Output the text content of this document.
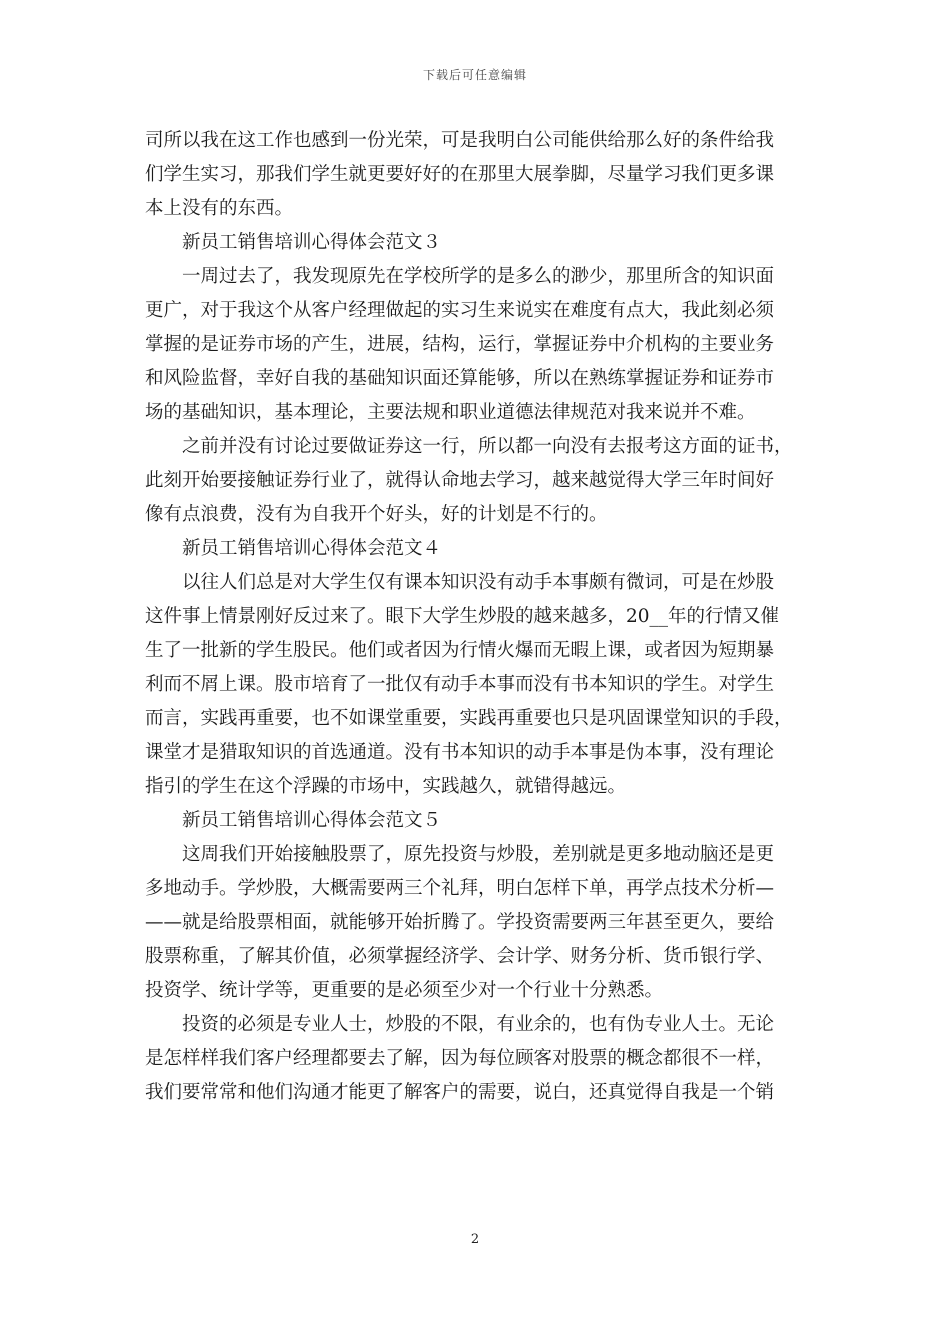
下载后可任意编辑
司所以我在这工作也感到一份光荣，可是我明白公司能供给那么好的条件给我
们学生实习，那我们学生就更要好好的在那里大展拳脚，尽量学习我们更多课
本上没有的东西。
新员工销售培训心得体会范文３
一周过去了，我发现原先在学校所学的是多么的渺少，那里所含的知识面
更广，对于我这个从客户经理做起的实习生来说实在难度有点大，我此刻必须
掌握的是证券市场的产生，进展，结构，运行，掌握证券中介机构的主要业务
和风险监督，幸好自我的基础知识面还算能够，所以在熟练掌握证券和证券市
场的基础知识，基本理论，主要法规和职业道德法律规范对我来说并不难。
之前并没有讨论过要做证券这一行，所以都一向没有去报考这方面的证书，
此刻开始要接触证券行业了，就得认命地去学习，越来越觉得大学三年时间好
像有点浪费，没有为自我开个好头，好的计划是不行的。
新员工销售培训心得体会范文４
以往人们总是对大学生仅有课本知识没有动手本事颇有微词，可是在炒股
这件事上情景刚好反过来了。眼下大学生炒股的越来越多，20__年的行情又催
生了一批新的学生股民。他们或者因为行情火爆而无暇上课，或者因为短期暴
利而不屑上课。股市培育了一批仅有动手本事而没有书本知识的学生。对学生
而言，实践再重要，也不如课堂重要，实践再重要也只是巩固课堂知识的手段，
课堂才是猎取知识的首选通道。没有书本知识的动手本事是伪本事，没有理论
指引的学生在这个浮躁的市场中，实践越久，就错得越远。
新员工销售培训心得体会范文５
这周我们开始接触股票了，原先投资与炒股，差别就是更多地动脑还是更
多地动手。学炒股，大概需要两三个礼拜，明白怎样下单，再学点技术分析—
——就是给股票相面，就能够开始折腾了。学投资需要两三年甚至更久，要给
股票称重，了解其价值，必须掌握经济学、会计学、财务分析、货币银行学、
投资学、统计学等，更重要的是必须至少对一个行业十分熟悉。
投资的必须是专业人士，炒股的不限，有业余的，也有伪专业人士。无论
是怎样样我们客户经理都要去了解，因为每位顾客对股票的概念都很不一样，
我们要常常和他们沟通才能更了解客户的需要，说白，还真觉得自我是一个销
2
